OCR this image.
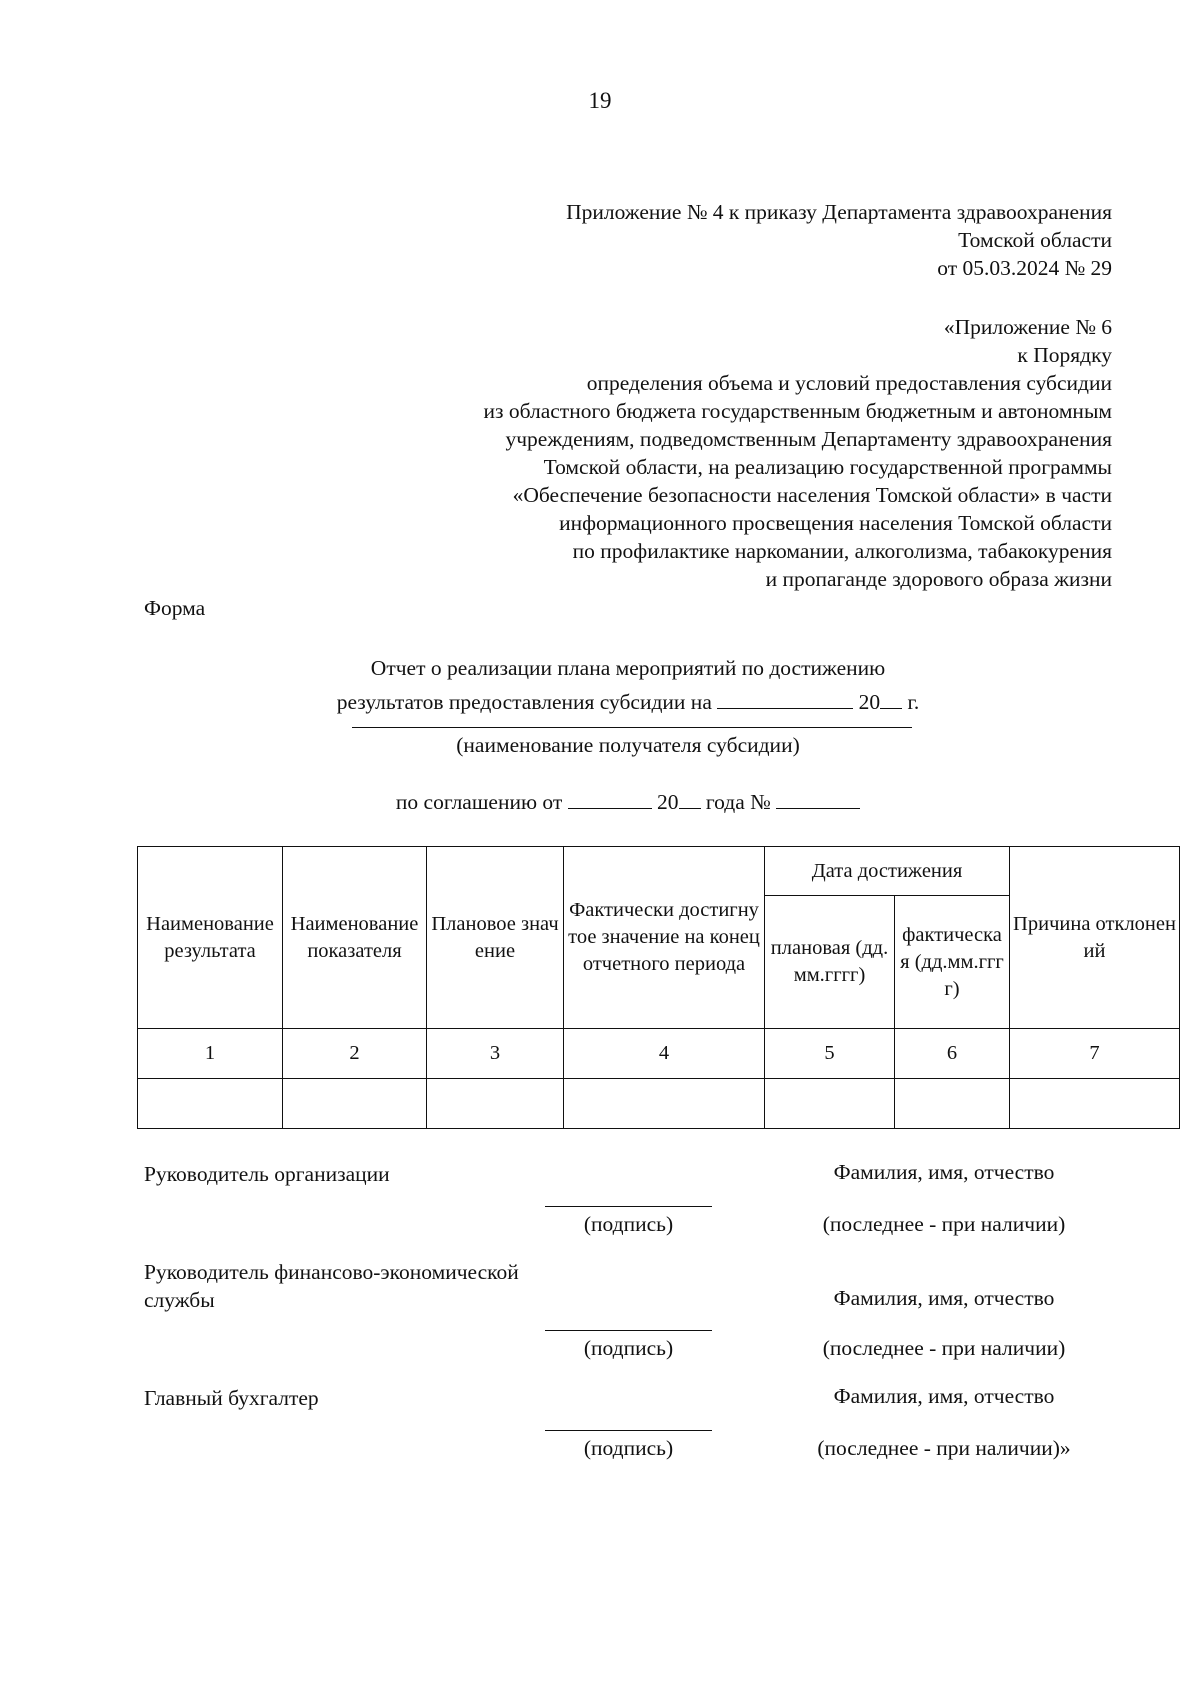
19
Приложение № 4 к приказу Департамента здравоохранения
Томской области
от 05.03.2024 № 29
«Приложение № 6
к Порядку
определения объема и условий предоставления субсидии
из областного бюджета государственным бюджетным и автономным
учреждениям, подведомственным Департаменту здравоохранения
Томской области, на реализацию государственной программы
«Обеспечение безопасности населения Томской области» в части
информационного просвещения населения Томской области
по профилактике наркомании, алкоголизма, табакокурения
и пропаганде здорового образа жизни
Форма
Отчет о реализации плана мероприятий по достижению
результатов предоставления субсидии на	20 г.
(наименование получателя субсидии)
по соглашению от	20 года №
Наименование результата	Наименование показателя	Плановое значение	Фактически достигнутое значение на конец отчетного периода	Дата достижения		Причина отклонений
				плановая (дд.мм.гггг)	фактическая (дд.мм.гггг)	
1	2	3	4	5	6	7

Руководитель организации	Фамилия, имя, отчество
(подпись)	(последнее - при наличии)
Руководитель финансово-экономической службы	Фамилия, имя, отчество
(подпись)	(последнее - при наличии)
Главный бухгалтер	Фамилия, имя, отчество
(подпись)	(последнее - при наличии)»
